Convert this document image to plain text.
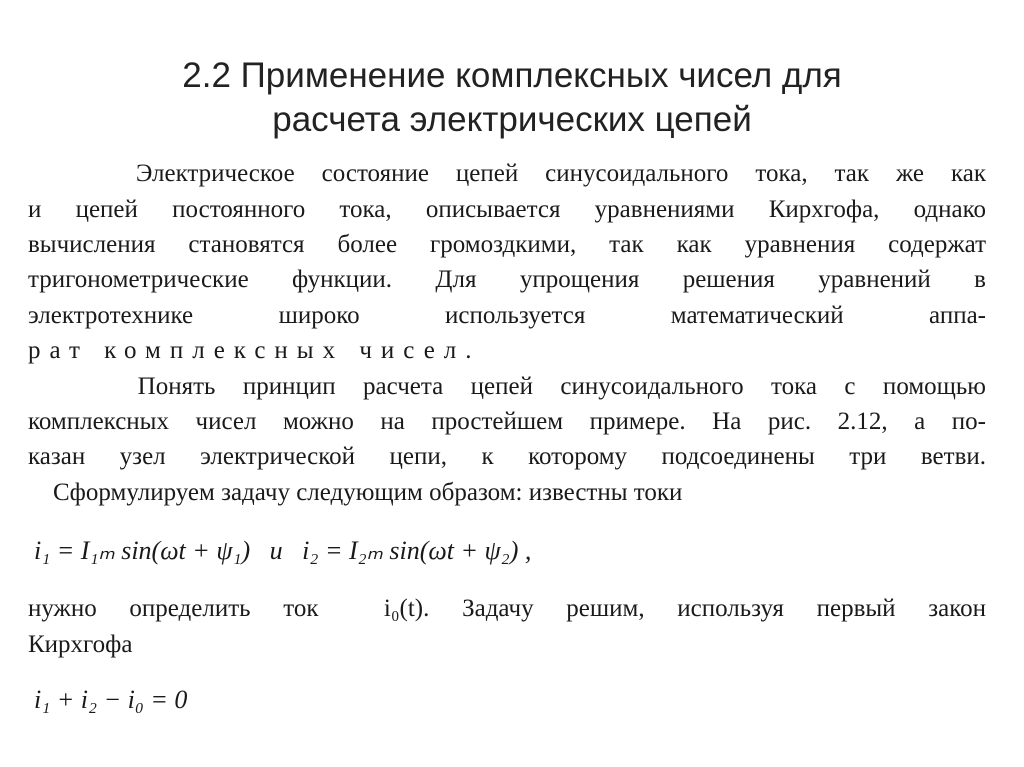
2.2 Применение комплексных чисел для
расчета электрических цепей
Электрическое состояние цепей синусоидального тока, так же как
и цепей постоянного тока, описывается уравнениями Кирхгофа, однако
вычисления становятся более громоздкими, так как уравнения содержат
тригонометрические функции. Для упрощения решения уравнений в
электротехнике широко используется математический аппа-
рат комплексных чисел.
Понять принцип расчета цепей синусоидального тока с помощью
комплексных чисел можно на простейшем примере. На рис. 2.12, а по-
казан узел электрической цепи, к которому подсоединены три ветви.
Сформулируем задачу следующим образом: известны токи
i₁ = I₁ₘ sin(ωt + ψ₁)   и   i₂ = I₂ₘ sin(ωt + ψ₂) ,
нужно определить ток  i₀(t). Задачу решим, используя первый закон
Кирхгофа
i₁ + i₂ − i₀ = 0
